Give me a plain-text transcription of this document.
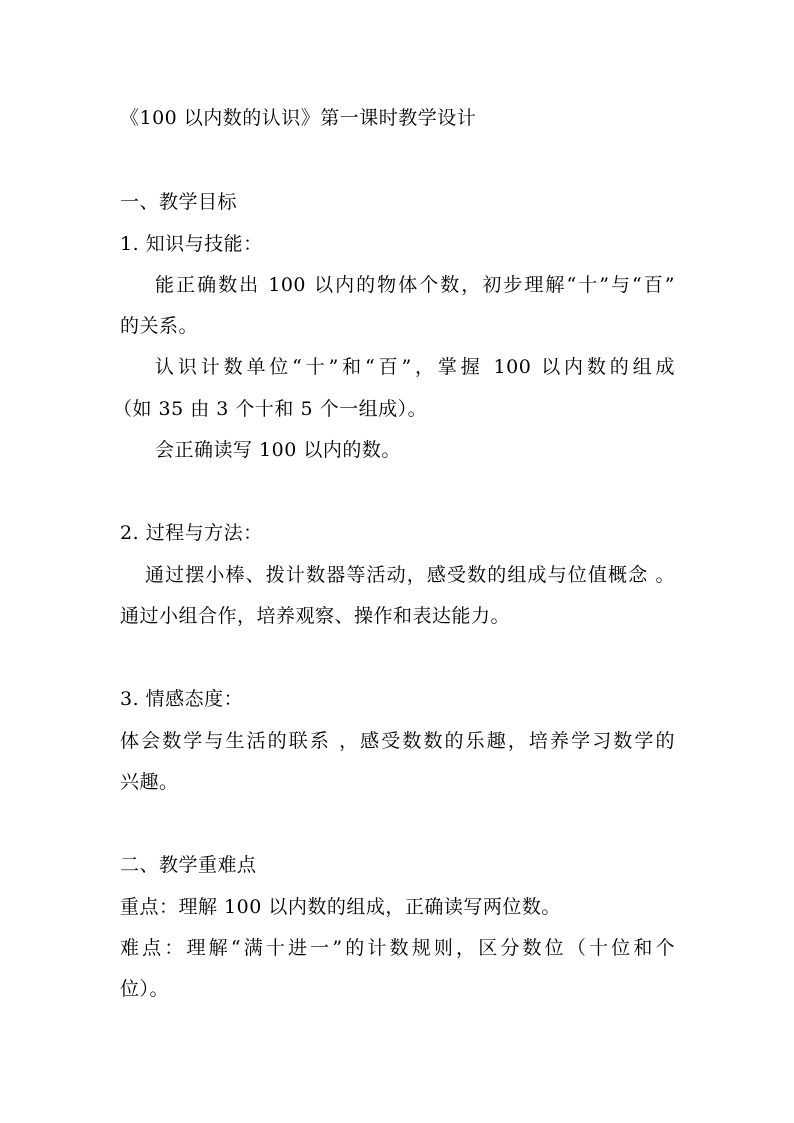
《100 以内数的认识》第一课时教学设计
一、教学目标
1. 知识与技能：
能正确数出 100 以内的物体个数，初步理解“十”与“百”
的关系。
认识计数单位“十”和“百”，掌握 100 以内数的组成
（如 35 由 3 个十和 5 个一组成）。
会正确读写 100 以内的数。
2. 过程与方法：
通过摆小棒、拨计数器等活动，感受数的组成与位值概念 。
通过小组合作，培养观察、操作和表达能力。
3. 情感态度：
体会数学与生活的联系 ，感受数数的乐趣，培养学习数学的
兴趣。
二、教学重难点
重点：理解 100 以内数的组成，正确读写两位数。
难点：理解“满十进一”的计数规则，区分数位（十位和个
位）。
